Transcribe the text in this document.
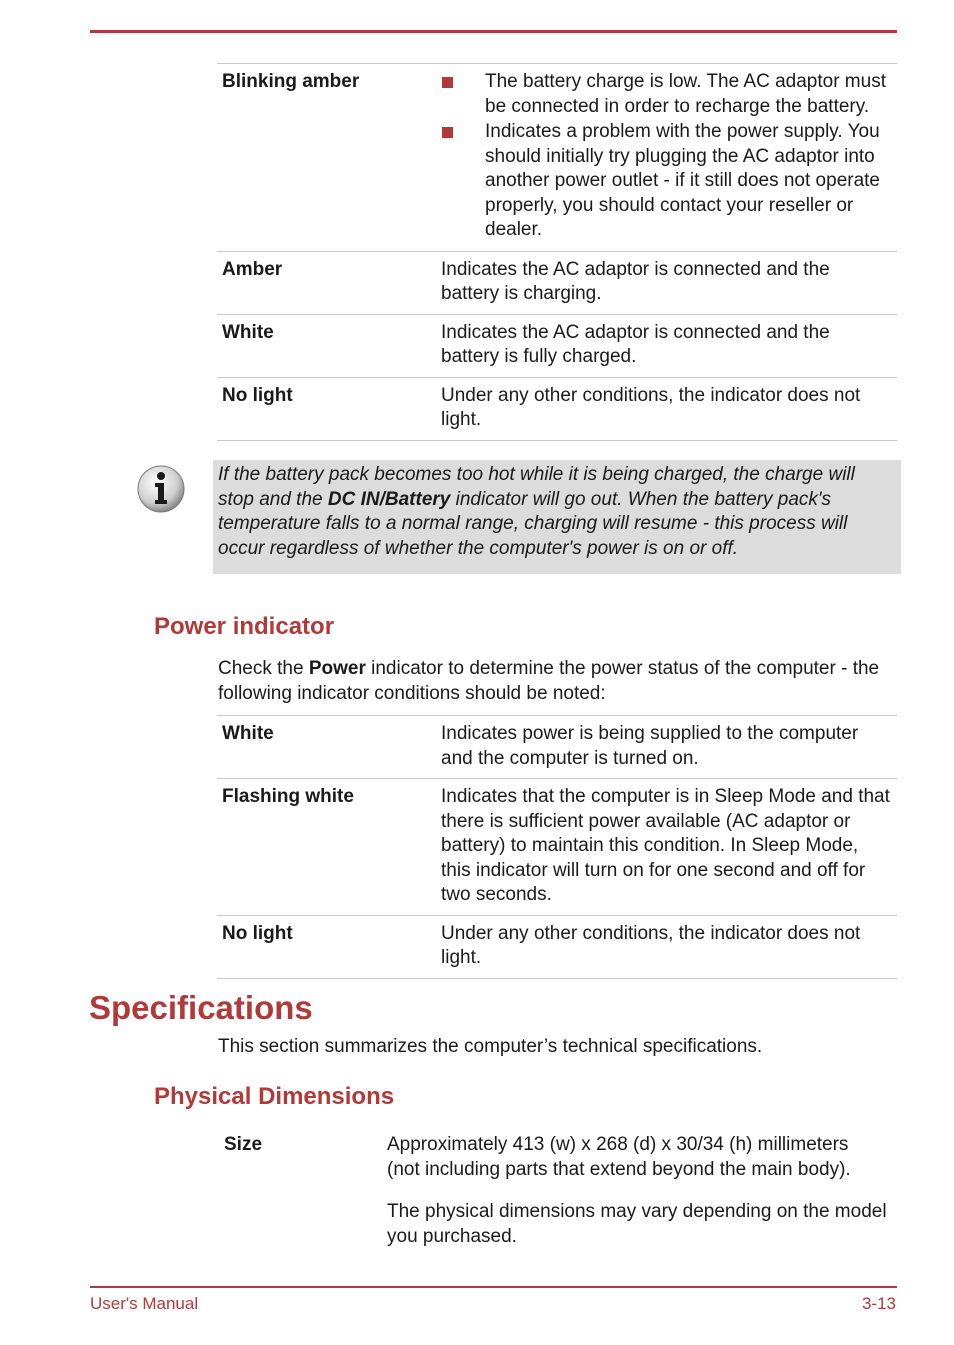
Blinking amber	The battery charge is low. The AC adaptor must be connected in order to recharge the battery.
Indicates a problem with the power supply. You should initially try plugging the AC adaptor into another power outlet - if it still does not operate properly, you should contact your reseller or dealer.
Amber	Indicates the AC adaptor is connected and the battery is charging.
White	Indicates the AC adaptor is connected and the battery is fully charged.
No light	Under any other conditions, the indicator does not light.
If the battery pack becomes too hot while it is being charged, the charge will stop and the DC IN/Battery indicator will go out. When the battery pack's temperature falls to a normal range, charging will resume - this process will occur regardless of whether the computer's power is on or off.
Power indicator
Check the Power indicator to determine the power status of the computer - the following indicator conditions should be noted:
White	Indicates power is being supplied to the computer and the computer is turned on.
Flashing white	Indicates that the computer is in Sleep Mode and that there is sufficient power available (AC adaptor or battery) to maintain this condition. In Sleep Mode, this indicator will turn on for one second and off for two seconds.
No light	Under any other conditions, the indicator does not light.
Specifications
This section summarizes the computer’s technical specifications.
Physical Dimensions
Size	Approximately 413 (w) x 268 (d) x 30/34 (h) millimeters

(not including parts that extend beyond the main body).

The physical dimensions may vary depending on the model you purchased.

User's Manual	3-13
